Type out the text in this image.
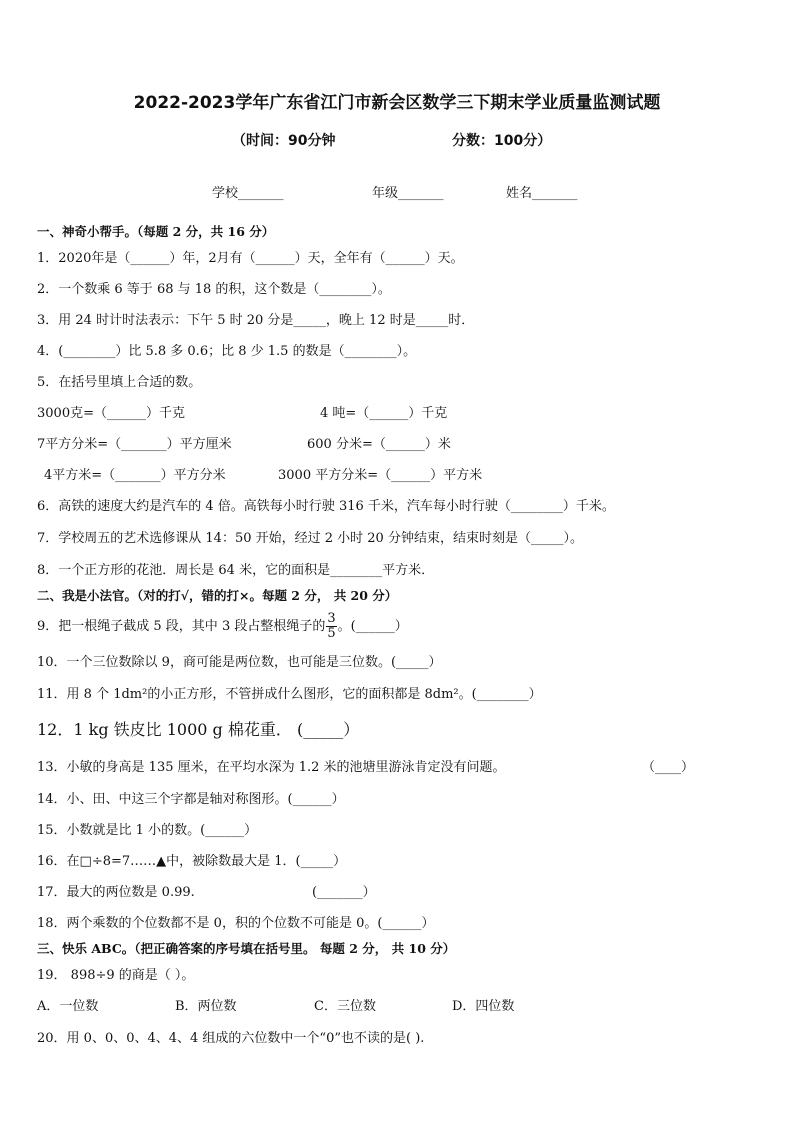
2022-2023学年广东省江门市新会区数学三下期末学业质量监测试题
（时间：90分钟	分数：100分）
学校_______	年级_______	姓名_______
一、神奇小帮手。（每题 2 分，共 16 分）
1．2020年是（______）年，2月有（______）天，全年有（______）天。
2．一个数乘 6 等于 68 与 18 的积，这个数是（________）。
3．用 24 时计时法表示：下午 5 时 20 分是_____，晚上 12 时是_____时．
4．(________）比 5.8 多 0.6；比 8 少 1.5 的数是（________）。
5．在括号里填上合适的数。
3000克=（______）千克	4 吨=（______）千克
7平方分米=（_______）平方厘米	600 分米=（______）米
4平方米=（_______）平方分米	3000 平方分米=（______）平方米
6．高铁的速度大约是汽车的 4 倍。高铁每小时行驶 316 千米，汽车每小时行驶（________）千米。
7．学校周五的艺术选修课从 14：50 开始，经过 2 小时 20 分钟结束，结束时刻是（_____）。
8．一个正方形的花池．周长是 64 米，它的面积是________平方米．
二、我是小法官。（对的打√，错的打×。每题 2 分， 共 20 分）
9．把一根绳子截成 5 段，其中 3 段占整根绳子的 $\frac{3}{5}$ 。(______）
10．一个三位数除以 9，商可能是两位数，也可能是三位数。(_____）
11．用 8 个 1dm²的小正方形，不管拼成什么图形，它的面积都是 8dm²。(________）
12．1 kg 铁皮比 1000 g 棉花重． (_____）
13．小敏的身高是 135 厘米，在平均水深为 1.2 米的池塘里游泳肯定没有问题。	（____）
14．小、田、中这三个字都是轴对称图形。(______）
15．小数就是比 1 小的数。(______）
16．在□÷8=7……▲中，被除数最大是 1．(_____）
17．最大的两位数是 0.99.	(_______）
18．两个乘数的个位数都不是 0，积的个位数不可能是 0。(______）
三、快乐 ABC。（把正确答案的序号填在括号里。 每题 2 分， 共 10 分）
19． 898÷9 的商是（ ）。
A．一位数	B．两位数	C．三位数	D．四位数
20．用 0、0、0、4、4、4 组成的六位数中一个“0”也不读的是( ).
